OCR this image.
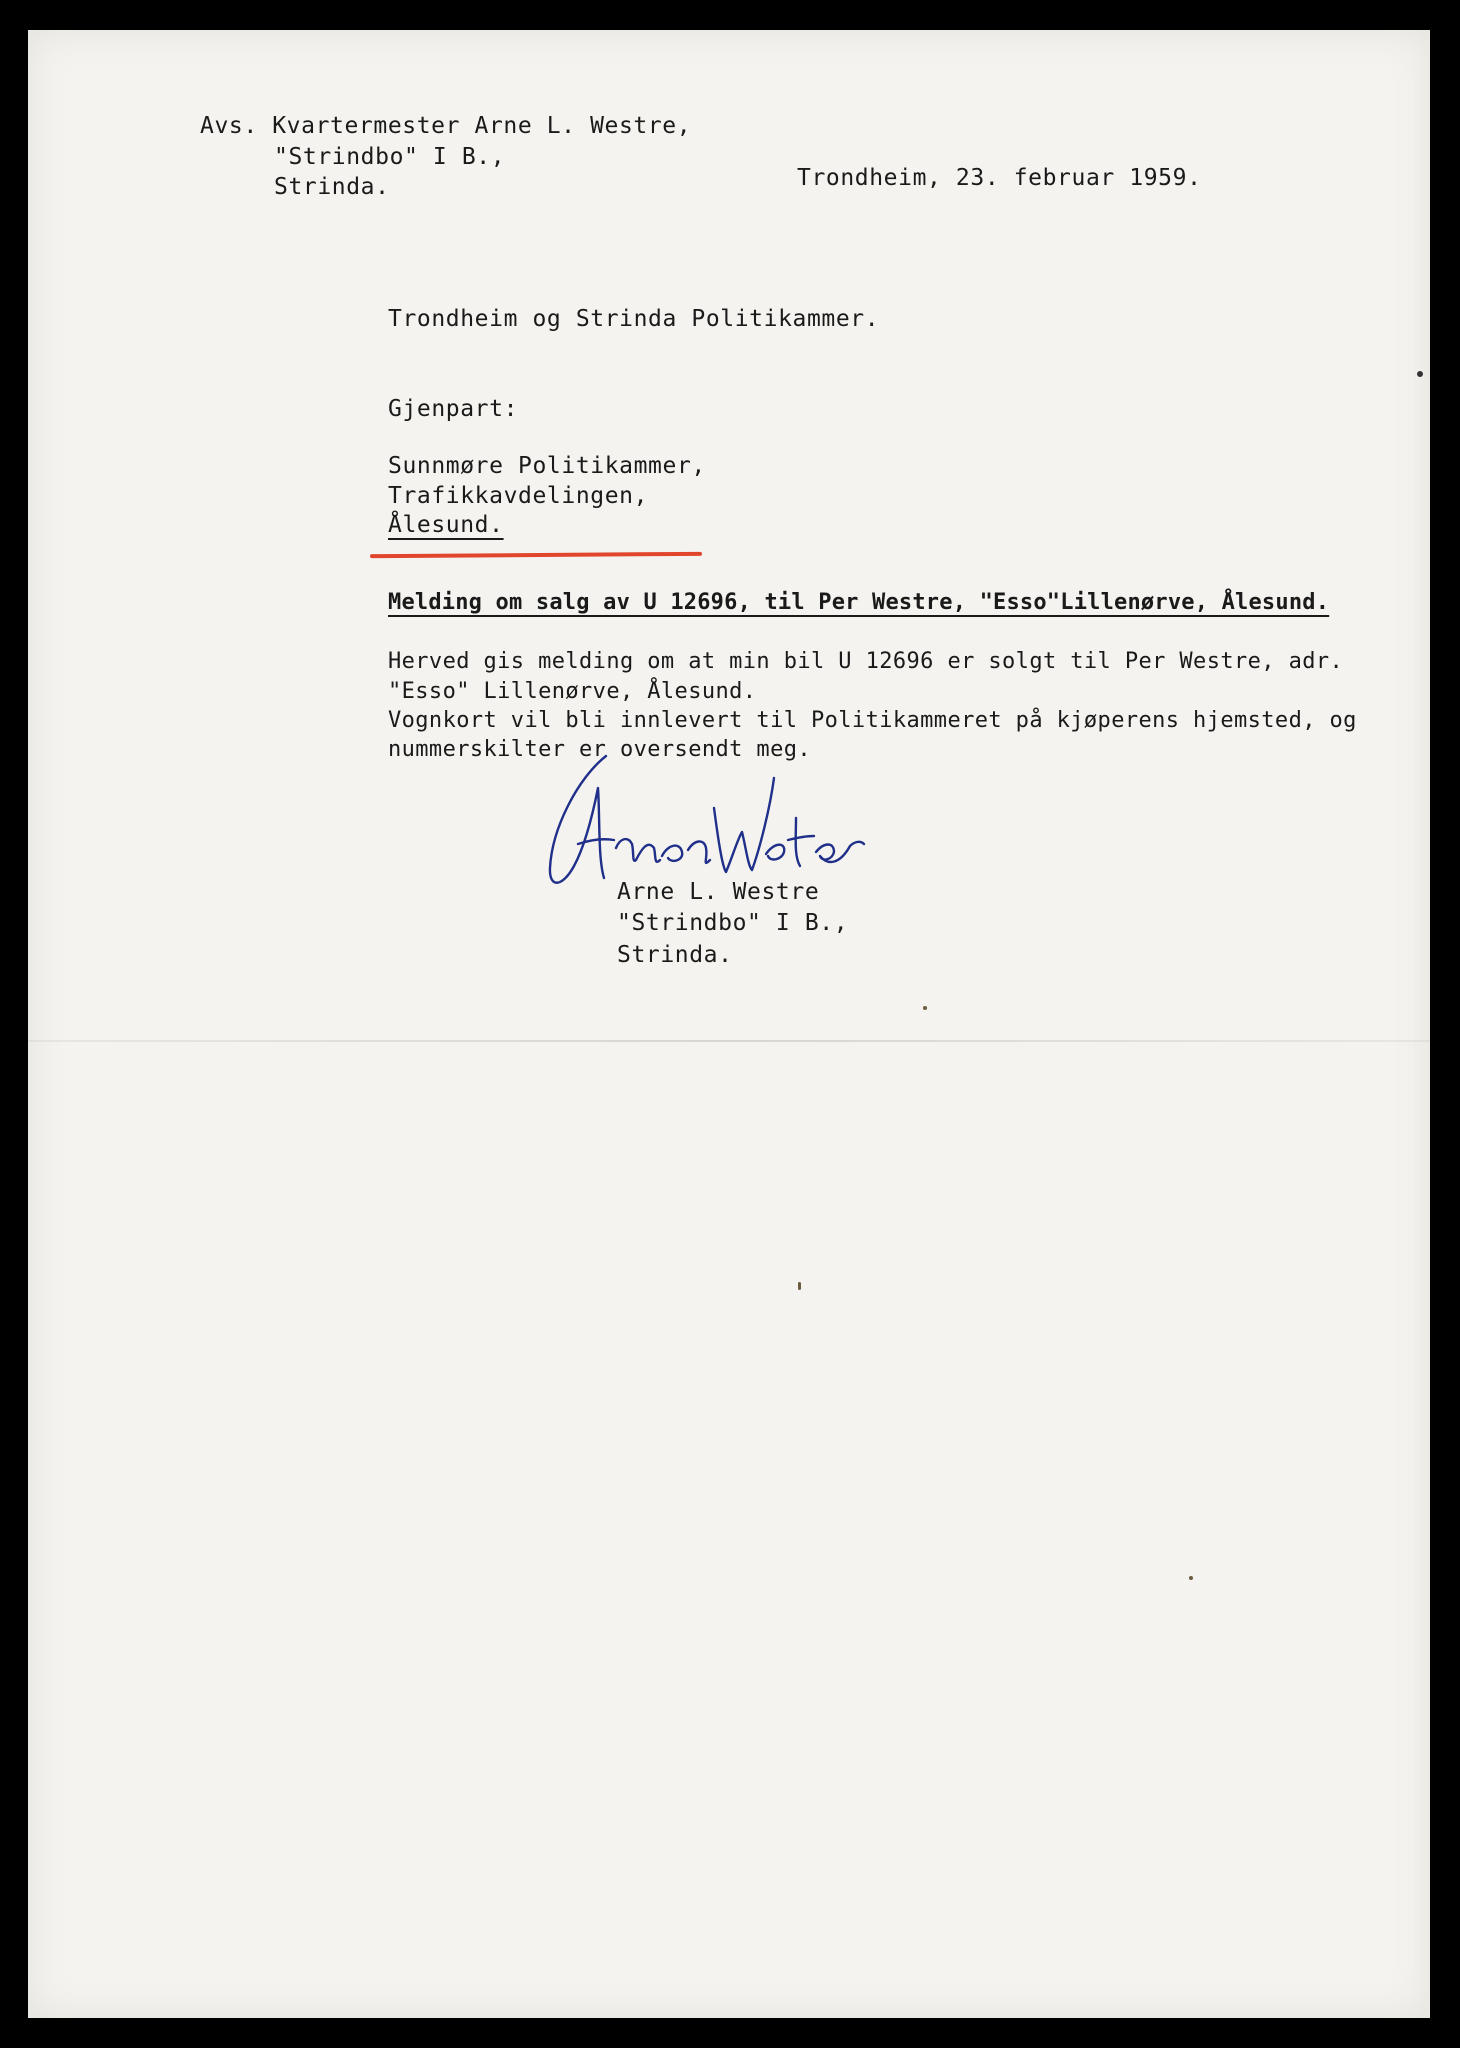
Avs. Kvartermester Arne L. Westre,
"Strindbo" I B.,
Strinda.	Trondheim, 23. februar 1959.
Trondheim og Strinda Politikammer.
Gjenpart:
Sunnmøre Politikammer,
Trafikkavdelingen,
Ålesund.
Melding om salg av U 12696, til Per Westre, "Esso"Lillenørve, Ålesund.
Herved gis melding om at min bil U 12696 er solgt til Per Westre, adr.
"Esso" Lillenørve, Ålesund.
Vognkort vil bli innlevert til Politikammeret på kjøperens hjemsted, og
nummerskilter er oversendt meg.
Arne L. Westre
"Strindbo" I B.,
Strinda.
